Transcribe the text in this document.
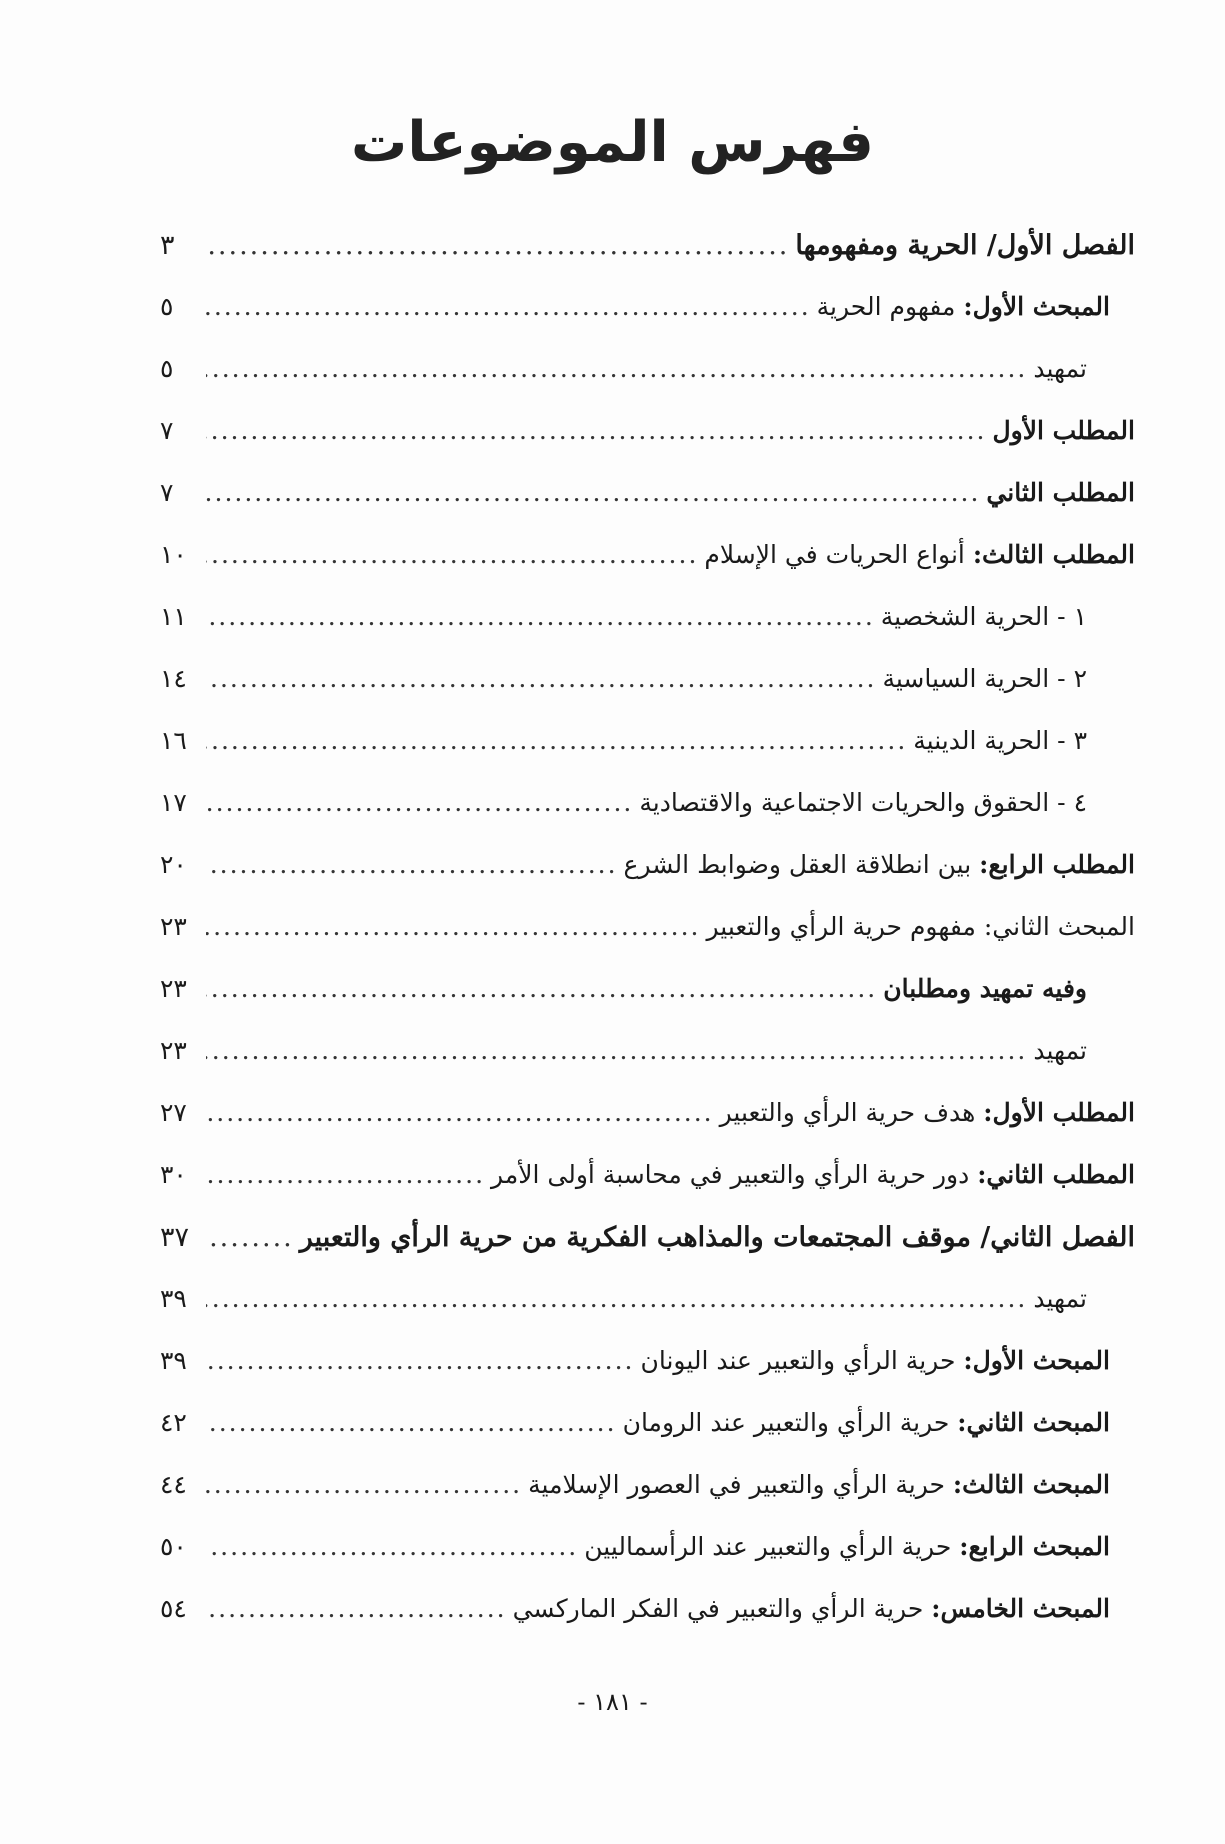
فهرس الموضوعات
الفصل الأول/ الحرية ومفهومها
.....
٣
المبحث الأول: مفهوم الحرية
.....
٥
تمهيد
.....
٥
المطلب الأول
.....
٧
المطلب الثاني
.....
٧
المطلب الثالث: أنواع الحريات في الإسلام
.....
١٠
١ - الحرية الشخصية
.....
١١
٢ - الحرية السياسية
.....
١٤
٣ - الحرية الدينية
.....
١٦
٤ - الحقوق والحريات الاجتماعية والاقتصادية
.....
١٧
المطلب الرابع: بين انطلاقة العقل وضوابط الشرع
.....
٢٠
المبحث الثاني: مفهوم حرية الرأي والتعبير
.....
٢٣
وفيه تمهيد ومطلبان
.....
٢٣
تمهيد
.....
٢٣
المطلب الأول: هدف حرية الرأي والتعبير
.....
٢٧
المطلب الثاني: دور حرية الرأي والتعبير في محاسبة أولى الأمر
.....
٣٠
الفصل الثاني/ موقف المجتمعات والمذاهب الفكرية من حرية الرأي والتعبير
.....
٣٧
تمهيد
.....
٣٩
المبحث الأول: حرية الرأي والتعبير عند اليونان
.....
٣٩
المبحث الثاني: حرية الرأي والتعبير عند الرومان
.....
٤٢
المبحث الثالث: حرية الرأي والتعبير في العصور الإسلامية
.....
٤٤
المبحث الرابع: حرية الرأي والتعبير عند الرأسماليين
.....
٥٠
المبحث الخامس: حرية الرأي والتعبير في الفكر الماركسي
.....
٥٤
- ١٨١ -
